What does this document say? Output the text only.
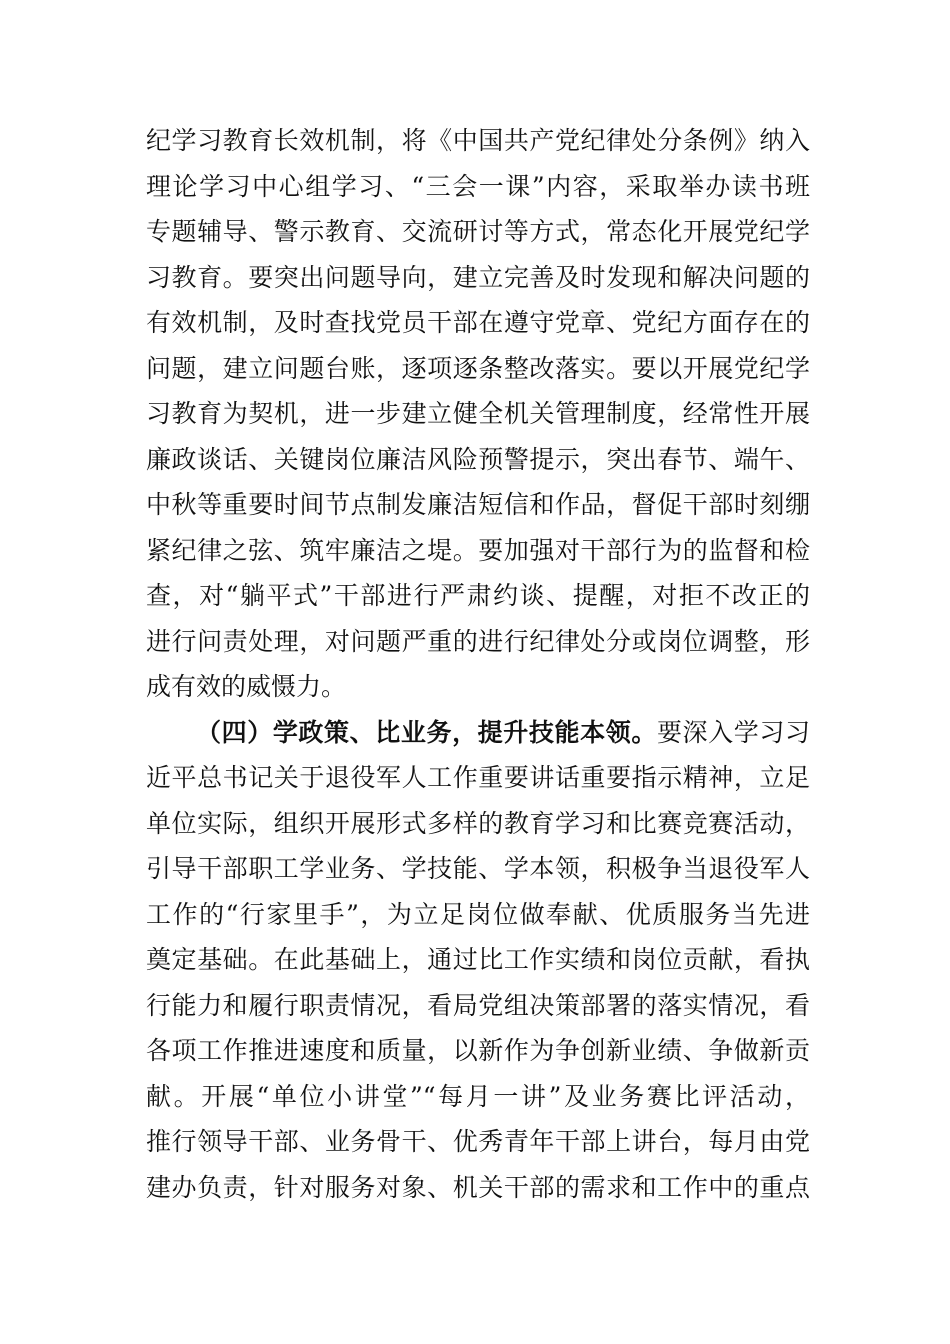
纪学习教育长效机制，将《中国共产党纪律处分条例》纳入
理论学习中心组学习、“三会一课”内容，采取举办读书班
专题辅导、警示教育、交流研讨等方式，常态化开展党纪学
习教育。要突出问题导向，建立完善及时发现和解决问题的
有效机制，及时查找党员干部在遵守党章、党纪方面存在的
问题，建立问题台账，逐项逐条整改落实。要以开展党纪学
习教育为契机，进一步建立健全机关管理制度，经常性开展
廉政谈话、关键岗位廉洁风险预警提示，突出春节、端午、
中秋等重要时间节点制发廉洁短信和作品，督促干部时刻绷
紧纪律之弦、筑牢廉洁之堤。要加强对干部行为的监督和检
查，对“躺平式”干部进行严肃约谈、提醒，对拒不改正的
进行问责处理，对问题严重的进行纪律处分或岗位调整，形
成有效的威慑力。
（四）学政策、比业务，提升技能本领。要深入学习习
近平总书记关于退役军人工作重要讲话重要指示精神，立足
单位实际，组织开展形式多样的教育学习和比赛竞赛活动，
引导干部职工学业务、学技能、学本领，积极争当退役军人
工作的“行家里手”，为立足岗位做奉献、优质服务当先进
奠定基础。在此基础上，通过比工作实绩和岗位贡献，看执
行能力和履行职责情况，看局党组决策部署的落实情况，看
各项工作推进速度和质量，以新作为争创新业绩、争做新贡
献。开展“单位小讲堂”“每月一讲”及业务赛比评活动，
推行领导干部、业务骨干、优秀青年干部上讲台，每月由党
建办负责，针对服务对象、机关干部的需求和工作中的重点
